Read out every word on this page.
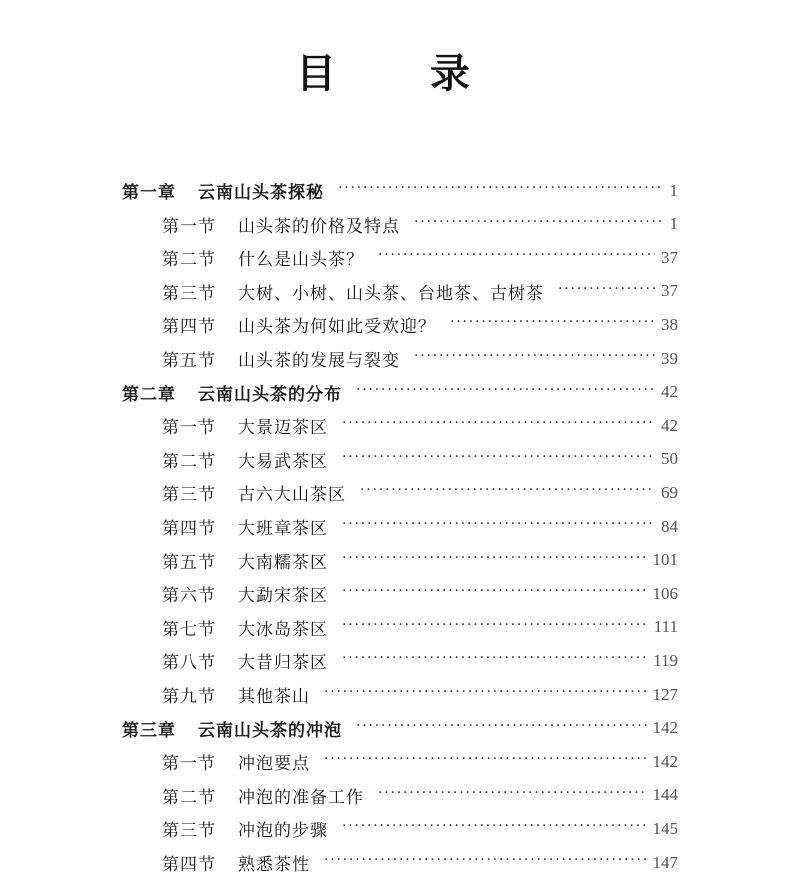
目 录
第一章 云南山头茶探秘 ·····	1
第一节 山头茶的价格及特点 ·····	1
第二节 什么是山头茶？ ·····	37
第三节 大树、小树、山头茶、台地茶、古树茶 ·····	37
第四节 山头茶为何如此受欢迎？ ·····	38
第五节 山头茶的发展与裂变 ·····	39
第二章 云南山头茶的分布 ·····	42
第一节 大景迈茶区 ·····	42
第二节 大易武茶区 ·····	50
第三节 古六大山茶区 ·····	69
第四节 大班章茶区 ·····	84
第五节 大南糯茶区 ·····	101
第六节 大勐宋茶区 ·····	106
第七节 大冰岛茶区 ·····	111
第八节 大昔归茶区 ·····	119
第九节 其他茶山 ·····	127
第三章 云南山头茶的冲泡 ·····	142
第一节 冲泡要点 ·····	142
第二节 冲泡的准备工作 ·····	144
第三节 冲泡的步骤 ·····	145
第四节 熟悉茶性 ·····	147
